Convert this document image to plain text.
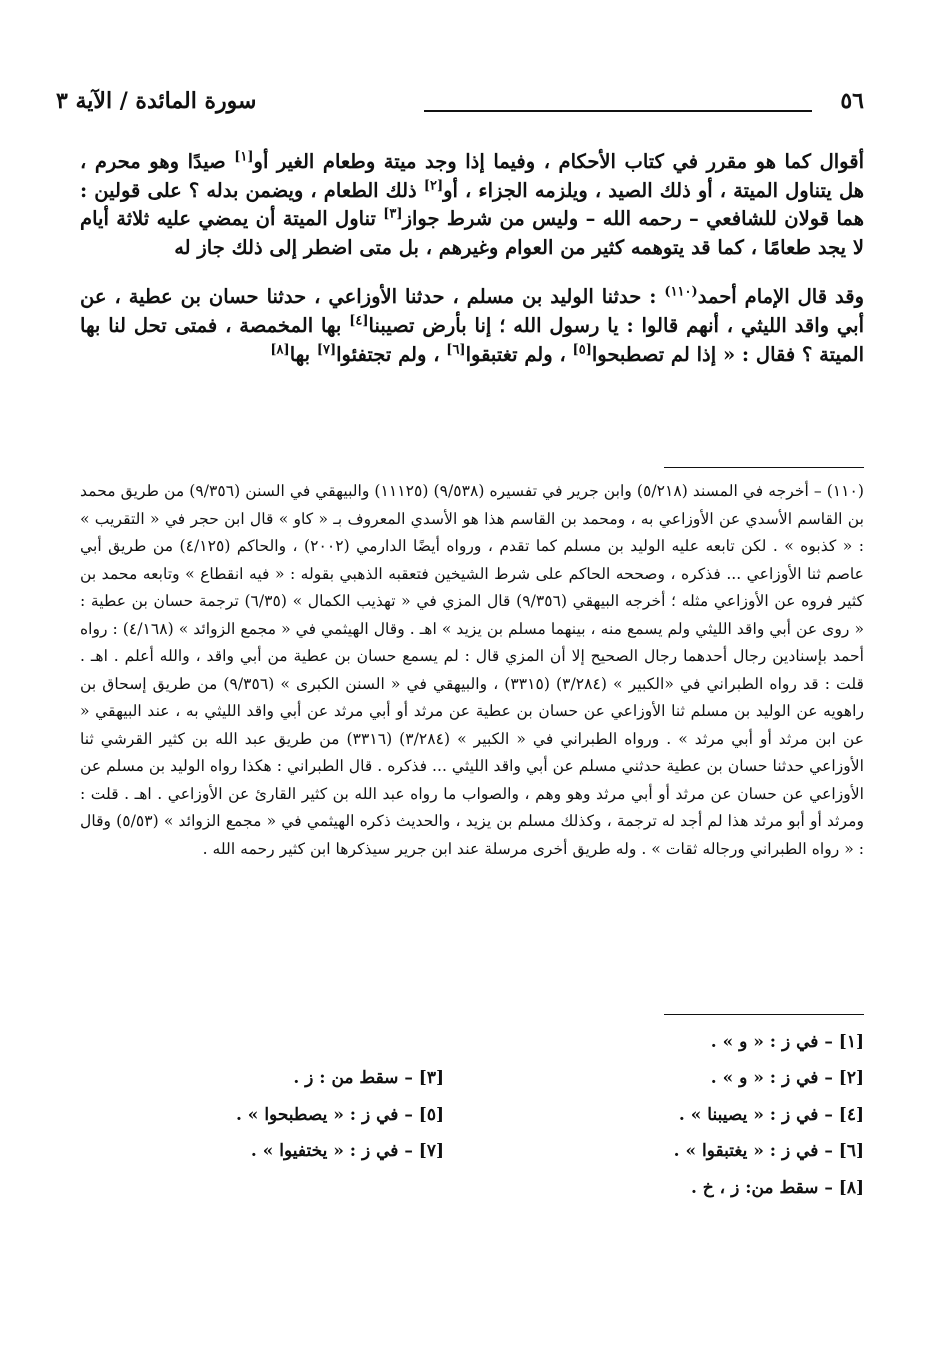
٥٦
سورة المائدة / الآية ٣

أقوال كما هو مقرر في كتاب الأحكام ، وفيما إذا وجد ميتة وطعام الغير أو[١] صيدًا وهو محرم ، هل يتناول الميتة ، أو ذلك الصيد ، ويلزمه الجزاء ، أو[٢] ذلك الطعام ، ويضمن بدله ؟ على قولين : هما قولان للشافعي – رحمه الله – وليس من شرط جواز[٣] تناول الميتة أن يمضي عليه ثلاثة أيام لا يجد طعامًا ، كما قد يتوهمه كثير من العوام وغيرهم ، بل متى اضطر إلى ذلك جاز له

وقد قال الإمام أحمد$^{(١١٠)}$ : حدثنا الوليد بن مسلم ، حدثنا الأوزاعي ، حدثنا حسان بن عطية ، عن أبي واقد الليثي ، أنهم قالوا : يا رسول الله ؛ إنا بأرض تصيبنا[٤] بها المخمصة ، فمتى تحل لنا بها الميتة ؟ فقال : « إذا لم تصطبحوا[٥] ، ولم تغتبقوا[٦] ، ولم تجتفئوا[٧] بها[٨]

(١١٠) – أخرجه في المسند (٥/٢١٨) وابن جرير في تفسيره (٩/٥٣٨) (١١١٢٥) والبيهقي في السنن (٩/٣٥٦) من طريق محمد بن القاسم الأسدي عن الأوزاعي به ، ومحمد بن القاسم هذا هو الأسدي المعروف بـ « كاو » قال ابن حجر في « التقريب » : « كذبوه » . لكن تابعه عليه الوليد بن مسلم كما تقدم ، ورواه أيضًا الدارمي (٢٠٠٢) ، والحاكم (٤/١٢٥) من طريق أبي عاصم ثنا الأوزاعي ... فذكره ، وصححه الحاكم على شرط الشيخين فتعقبه الذهبي بقوله : « فيه انقطاع » وتابعه محمد بن كثير فروه عن الأوزاعي مثله ؛ أخرجه البيهقي (٩/٣٥٦) قال المزي في « تهذيب الكمال » (٦/٣٥) ترجمة حسان بن عطية : « روى عن أبي واقد الليثي ولم يسمع منه ، بينهما مسلم بن يزيد » اهـ . وقال الهيثمي في « مجمع الزوائد » (٤/١٦٨) : رواه أحمد بإسنادين رجال أحدهما رجال الصحيح إلا أن المزي قال : لم يسمع حسان بن عطية من أبي واقد ، والله أعلم . اهـ . قلت : قد رواه الطبراني في «الكبير » (٣/٢٨٤) (٣٣١٥) ، والبيهقي في « السنن الكبرى » (٩/٣٥٦) من طريق إسحاق بن راهويه عن الوليد بن مسلم ثنا الأوزاعي عن حسان بن عطية عن مرثد أو أبي مرثد عن أبي واقد الليثي به ، عند البيهقي « عن ابن مرثد أو أبي مرثد » . ورواه الطبراني في « الكبير » (٣/٢٨٤) (٣٣١٦) من طريق عبد الله بن كثير القرشي ثنا الأوزاعي حدثنا حسان بن عطية حدثني مسلم عن أبي واقد الليثي ... فذكره . قال الطبراني : هكذا رواه الوليد بن مسلم عن الأوزاعي عن حسان عن مرثد أو أبي مرثد وهو وهم ، والصواب ما رواه عبد الله بن كثير القارئ عن الأوزاعي . اهـ . قلت : ومرثد أو أبو مرثد هذا لم أجد له ترجمة ، وكذلك مسلم بن يزيد ، والحديث ذكره الهيثمي في « مجمع الزوائد » (٥/٥٣) وقال : « رواه الطبراني ورجاله ثقات » . وله طريق أخرى مرسلة عند ابن جرير سيذكرها ابن كثير رحمه الله .

[١] – في ز : « و » .
[٢] – في ز : « و » .
[٣] – سقط من : ز .
[٤] – في ز : « يصيبنا » .
[٥] – في ز : « يصطبحوا » .
[٦] – في ز : « يغتبقوا » .
[٧] – في ز : « يختفيوا » .
[٨] – سقط من: ز ، خ .
